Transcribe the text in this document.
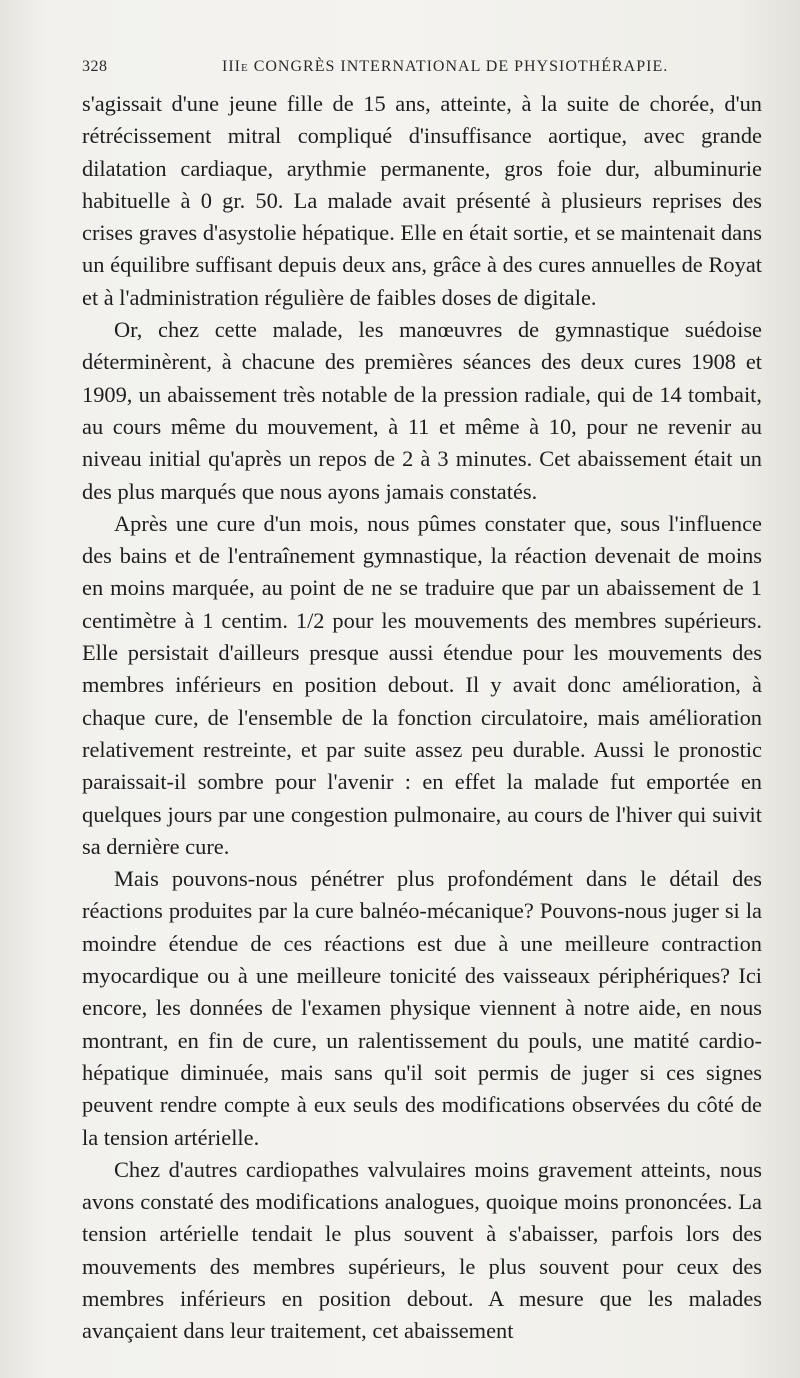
328	IIIe CONGRÈS INTERNATIONAL DE PHYSIOTHÉRAPIE.

s'agissait d'une jeune fille de 15 ans, atteinte, à la suite de chorée, d'un rétrécissement mitral compliqué d'insuffisance aortique, avec grande dilatation cardiaque, arythmie permanente, gros foie dur, albuminurie habituelle à 0 gr. 50. La malade avait présenté à plusieurs reprises des crises graves d'asystolie hépatique. Elle en était sortie, et se maintenait dans un équilibre suffisant depuis deux ans, grâce à des cures annuelles de Royat et à l'administration régulière de faibles doses de digitale.

Or, chez cette malade, les manœuvres de gymnastique suédoise déterminèrent, à chacune des premières séances des deux cures 1908 et 1909, un abaissement très notable de la pression radiale, qui de 14 tombait, au cours même du mouvement, à 11 et même à 10, pour ne revenir au niveau initial qu'après un repos de 2 à 3 minutes. Cet abaissement était un des plus marqués que nous ayons jamais constatés.

Après une cure d'un mois, nous pûmes constater que, sous l'influence des bains et de l'entraînement gymnastique, la réaction devenait de moins en moins marquée, au point de ne se traduire que par un abaissement de 1 centimètre à 1 centim. 1/2 pour les mouvements des membres supérieurs. Elle persistait d'ailleurs presque aussi étendue pour les mouvements des membres inférieurs en position debout. Il y avait donc amélioration, à chaque cure, de l'ensemble de la fonction circulatoire, mais amélioration relativement restreinte, et par suite assez peu durable. Aussi le pronostic paraissait-il sombre pour l'avenir : en effet la malade fut emportée en quelques jours par une congestion pulmonaire, au cours de l'hiver qui suivit sa dernière cure.

Mais pouvons-nous pénétrer plus profondément dans le détail des réactions produites par la cure balnéo-mécanique? Pouvons-nous juger si la moindre étendue de ces réactions est due à une meilleure contraction myocardique ou à une meilleure tonicité des vaisseaux périphériques? Ici encore, les données de l'examen physique viennent à notre aide, en nous montrant, en fin de cure, un ralentissement du pouls, une matité cardio-hépatique diminuée, mais sans qu'il soit permis de juger si ces signes peuvent rendre compte à eux seuls des modifications observées du côté de la tension artérielle.

Chez d'autres cardiopathes valvulaires moins gravement atteints, nous avons constaté des modifications analogues, quoique moins prononcées. La tension artérielle tendait le plus souvent à s'abaisser, parfois lors des mouvements des membres supérieurs, le plus souvent pour ceux des membres inférieurs en position debout. A mesure que les malades avançaient dans leur traitement, cet abaissement
